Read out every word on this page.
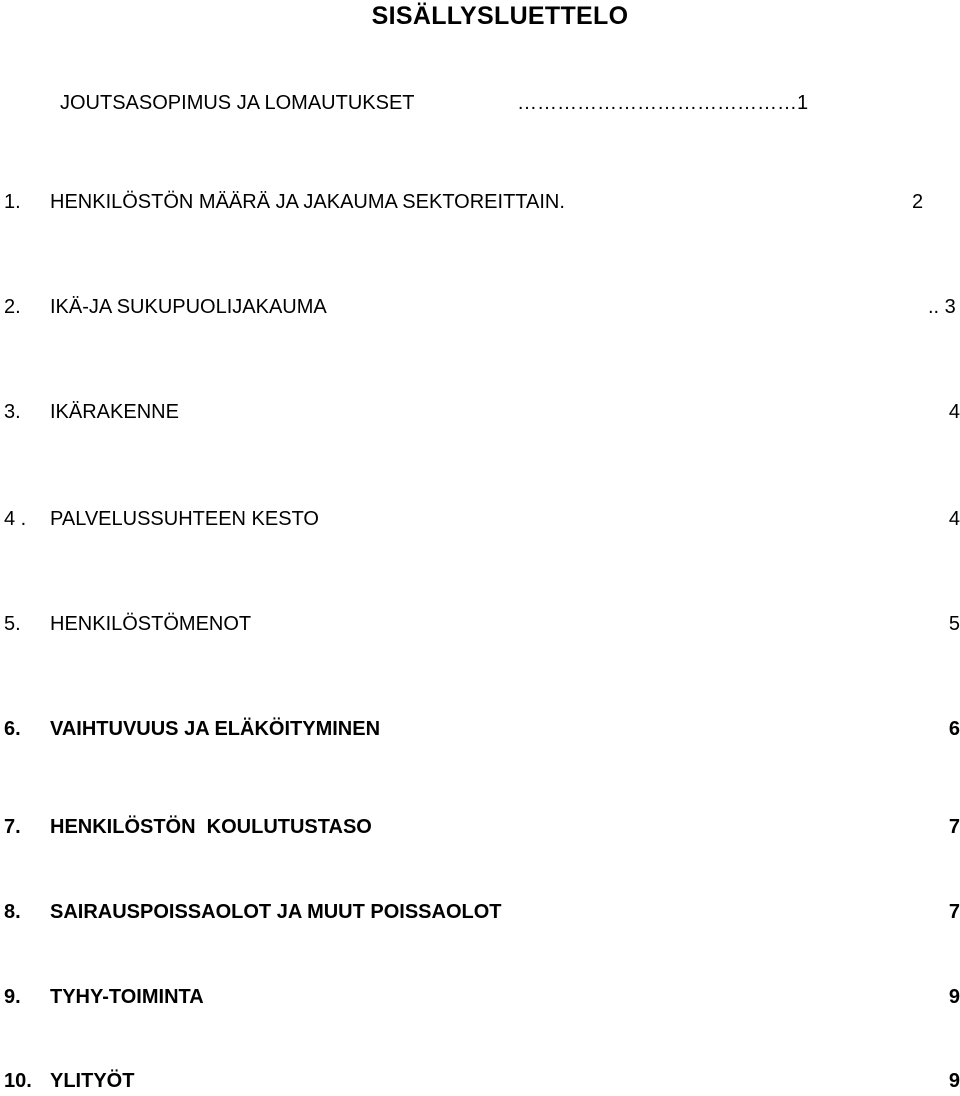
SISÄLLYSLUETTELO
JOUTSASOPIMUS JA LOMAUTUKSET	……………………………………1
1. HENKILÖSTÖN MÄÄRÄ JA JAKAUMA SEKTOREITTAIN.	2
2. IKÄ-JA SUKUPUOLIJAKAUMA	.. 3
3. IKÄRAKENNE	4
4 . PALVELUSSUHTEEN KESTO	4
5. HENKILÖSTÖMENOT	5
6. VAIHTUVUUS JA ELÄKÖITYMINEN	6
7. HENKILÖSTÖN  KOULUTUSTASO	7
8. SAIRAUSPOISSAOLOT JA MUUT POISSAOLOT	7
9. TYHY-TOIMINTA	9
10. YLITYÖT	9
